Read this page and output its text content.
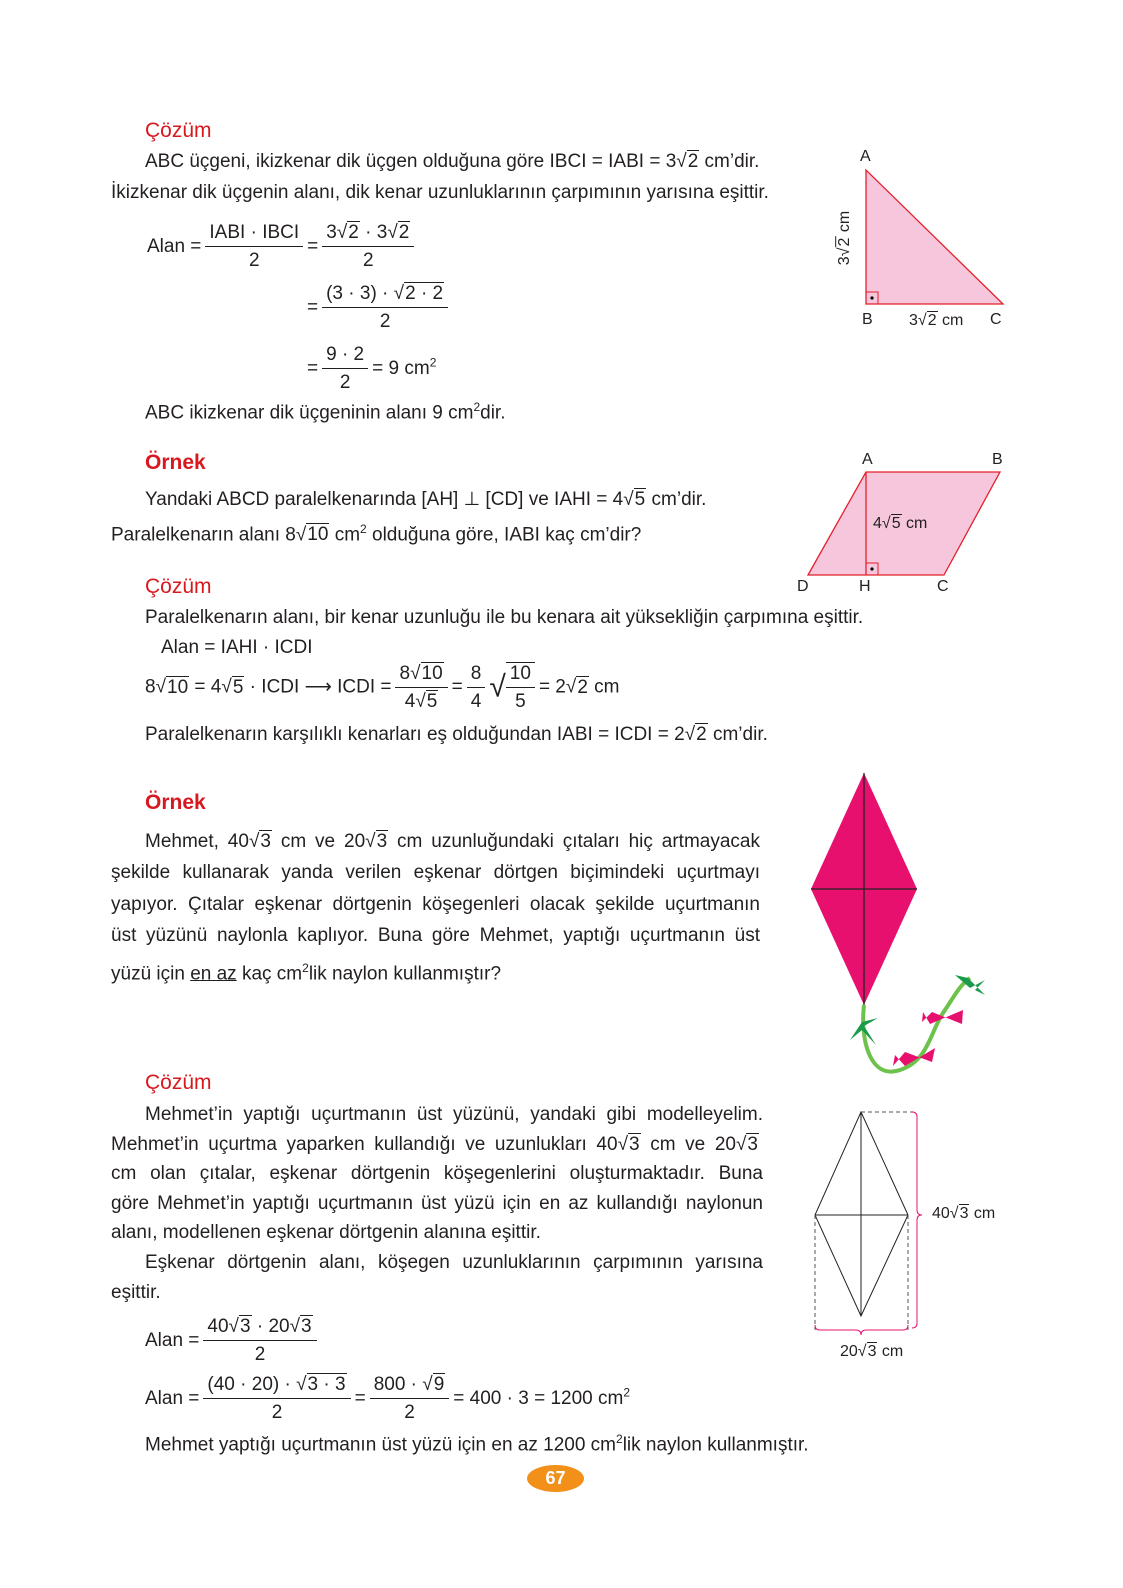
A
B	C
3√2 cm
3√2 cm
A	B
D	H	C
4√5 cm
40√3 cm
20√3 cm
Çözüm
ABC üçgeni, ikizkenar dik üçgen olduğuna göre IBCI = IABI = 3√2 cm’dir.
İkizkenar dik üçgenin alanı, dik kenar uzunluklarının çarpımının yarısına eşittir.
Alan = $\frac{\text{IABI · IBCI}}{2} = \frac{3√2 \cdot 3√2}{2}$
= $\frac{(3 \cdot 3) \cdot √2 \cdot 2}{2}$
= $\frac{9 \cdot 2}{2} = 9$ $cm^2$
ABC ikizkenar dik üçgeninin alanı 9 $cm^2dir$.
Örnek
Yandaki ABCD paralelkenarında [AH] ⊥ [CD] ve IAHI = 4√5 cm’dir.
Paralelkenarın alanı 8√10 $cm^2$ olduğuna göre, IABI kaç cm’dir?
Çözüm
Paralelkenarın alanı, bir kenar uzunluğu ile bu kenara ait yüksekliğin çarpımına eşittir.
Alan = IAHI · ICDI
8√10 = 4√5 · ICDI ⟶ ICDI = $\frac{8√10}{4√5} = \frac{8}{4}$ √ $\frac{10}{5} = 2√2$ cm
Paralelkenarın karşılıklı kenarları eş olduğundan IABI = ICDI = 2√2 cm’dir.
Örnek
Mehmet, 40√3 cm ve 20√3 cm uzunluğundaki çıtaları hiç artmayacak
şekilde kullanarak yanda verilen eşkenar dörtgen biçimindeki uçurtmayı
yapıyor. Çıtalar eşkenar dörtgenin köşegenleri olacak şekilde uçurtmanın
üst yüzünü naylonla kaplıyor. Buna göre Mehmet, yaptığı uçurtmanın üst
yüzü için en az kaç $cm^2lik$ naylon kullanmıştır?
Çözüm
Mehmet’in yaptığı uçurtmanın üst yüzünü, yandaki gibi modelleyelim.
Mehmet’in uçurtma yaparken kullandığı ve uzunlukları 40√3 cm ve 20√3
cm olan çıtalar, eşkenar dörtgenin köşegenlerini oluşturmaktadır. Buna
göre Mehmet’in yaptığı uçurtmanın üst yüzü için en az kullandığı naylonun
alanı, modellenen eşkenar dörtgenin alanına eşittir.
Eşkenar dörtgenin alanı, köşegen uzunluklarının çarpımının yarısına
eşittir.
Alan = $\frac{40√3 \cdot 20√3}{2}$
Alan = $\frac{(40 \cdot 20) \cdot √3 \cdot 3}{2} = \frac{800 \cdot √9}{2} = 400 \cdot 3 = 1200$ $cm^2$
Mehmet yaptığı uçurtmanın üst yüzü için en az 1200 $cm^2lik$ naylon kullanmıştır.
67
